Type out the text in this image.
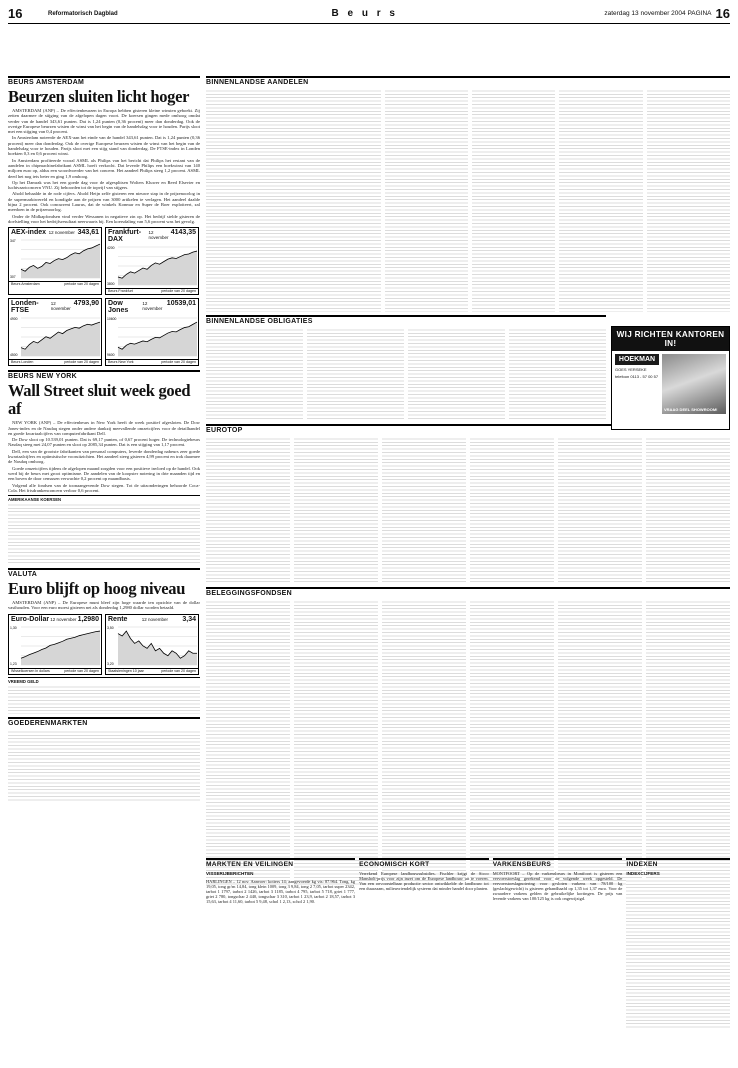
16	Reformatorisch Dagblad	B e u r s	zaterdag 13 november 2004 PAGINA 16
BEURS AMSTERDAM
Beurzen sluiten licht hoger

AMSTERDAM (ANP) – De effectenbeurzen in Europa hebben gisteren kleine winsten geboekt. Zij zetten daarmee de stijging van de afgelopen dagen voort. De koersen gingen mede omhoog omdat verder van de handel 343,61 punten. Dat is 1,24 punten (0,36 procent) meer dan donderdag. Ook de overige Europese beurzen wisten de winst van het begin van de handelsdag voor te houden. Parijs sloot met een stijging van 0,4 procent.

In Amsterdam noteerde de AEX-aan het einde van de handel 343,61 punten. Dat is 1,24 punten (0,36 procent) meer dan donderdag. Ook de overige Europese beurzen wisten de winst van het begin van de handelsdag voor te houden. Parijs sloot met een stijg stand van donderdag. De FTSE-index in Londen boekten 0,3 en 0,6 procent winst.

In Amsterdam profiteerde vooral ASML als Philips van het bericht dat Philips het restant van de aandelen in chipmachinefabrikant ASML hoeft verkocht. Dat leverde Philips een boekwinst van 140 miljoen euro op, aldus een woordvoerder van het concern. Het aandeel Philips steeg 1,2 procent. ASML deed het nog iets beter en ging 1,9 omhoog.

Op het Damrak was het een goede dag voor de afgesplitsen Wolters Kluwer en Reed Elsevier en luchtvaartconcern VNU. Zij behoorden tot de topvijf van stijgers.

Ahold behaalde in de rode cijfers. Ahold Heijn zelfe gisteren een nieuwe stap in de prijzenoorlog in de supermarktwereld en kondigde aan de prijzen van 3000 artikelen te verlagen. Het aandeel daalde bijna 2 procent. Ook concurrent Laurus, dat de winkels Konmar en Super de Boer exploiteert, zal meedoen in de prijzenoorlog.

Onder de Midkapfondsen vind verder Wessanen in negatieve zin op. Het bedrijf stelde gisteren de doelstelling voor het bedrijfsresultaat neerwaarts bij. Een koersdaling van 5,6 procent was het gevolg.

AEX-index 12 november 343,61
347
307
Beurs Amsterdam	periode van 20 dagen
Frankfurt-DAX
12 november
4143,35
4200
3800
Beurs Frankfurt	periode van 20 dagen
Londen-FTSE
12 november
4793,90
4900
4500
Beurs Londen	periode van 20 dagen
Dow Jones
12 november
10539,01
10600
9600
Beurs New York	periode van 20 dagen
BEURS NEW YORK
Wall Street sluit week goed af

NEW YORK (ANP) – De effectenbeurs in New York heeft de week positief afgesloten. De Dow Jones-index en de Nasdaq stegen onder andere dankzij meevallende omzetcijfers voor de detailhandel en goede kwartaalcijfers van computerfabrikant Dell.

De Dow sloot op 10.539,01 punten. Dat is 69,17 punten, of 0,67 procent hoger. De technologiebeurs Nasdaq steeg met 24,07 punten en sloot op 2085,34 punten. Dat is een stijging van 1,17 procent.

Dell, een van de grootste fabrikanten van personal computers, leverde donderdag nabeurs zeer goede kwartaalcijfers en optimistische vooruitzichten. Het aandeel steeg gisteren 4,99 procent en trok daarmee de Nasdaq omhoog.

Goede omzetcijfers tijdens de afgelopen maand zorgden voor een positieve invloed op de handel. Ook werd bij de beurs met groot optimisme. De aandelen van de koopster notering in drie maanden tijd en een boven de door censusen verwachte 0,2 procent op maandbasis.

Volgend alle fondsen van de toonaangevende Dow stegen. Tot de uitzonderingen behoorde Coca-Cola. Het frisdrankenconcern verloor 0,6 procent.

AMERIKAANSE KOERSEN
VALUTA
Euro blijft op hoog niveau

AMSTERDAM (ANP) – De Europese munt bleef zijn hoge waarde ten opzichte van de dollar vasthouden. Voor een euro moest gisteren net als donderdag 1,2980 dollar worden betaald.

Euro-Dollar 12 november 1,2980
1,30
1,23
Wisselkoersen in dollars	periode van 20 dagen
Rente	12 november 3,34
3,50
3,20
Staatsleningen 10 jaar	periode van 20 dagen
VREEMD GELD
GOEDERENMARKTEN
BINNENLANDSE AANDELEN
BINNENLANDSE OBLIGATIES
EUROTOP
BELEGGINGSFONDSEN
WIJ RICHTEN KANTOREN IN!
HOEKMAN
GOES YERSEKE
telefoon 0113 - 57 00 57
VRAAG DEEL SHOWROOM!
MARKTEN EN VEILINGEN
VISSERIJBERICHTEN
HARLINGEN – 12 nov. Aanvoer: kotters 14; aangevoerde kg vis: 87.964. Tong, kg 19,05, tong gr/m 14,84, tong klein 1009, tong 3 9,84, tong 2 7,05, tarbot super 2342, tarbot 1 1797, tarbot 2 1426, tarbot 3 1185, tarbot 4 795, tarbot 5 718, griet 1 777, griet 2 780, tongschar 2 440, tongschar 3 310, tarbot 1 23,9, tarbot 2 18,57, tarbot 3 15,63, tarbot 4 11,60, tarbot 5 9,48, schol 1 2,13, schol 2 1,90.
ECONOMISCH KORT
Verrekend Europese landbouwsubsidies. Fischler krijgt de Sicco Mansholt-prijs voor zijn inzet om de Europese landbouw uit te voeren. Van een onvoorstelbaar productie sector ontwikkelde de landbouw tot een duurzaam, milieuvriendelijk systeem dat minder handel door planten.
VARKENSBEURS
MONTFOORT – Op de varkensbeurs in Montfoort is gisteren een vervoerstoeslag gerekend voor de volgende week opgesteld. De vervoerstoeslagnotering voor gesloten varkens van 78/100 kg (geslachtgewicht) is gisteren gehandhaafd op 1,35 tot 1,37 euro. Voor de zwaardere varkens gelden de gebruikelijke kortingen. De prijs van levende varkens van 100/125 kg is ook ongewijzigd.
INDEXEN
INDEXCIJFERS
